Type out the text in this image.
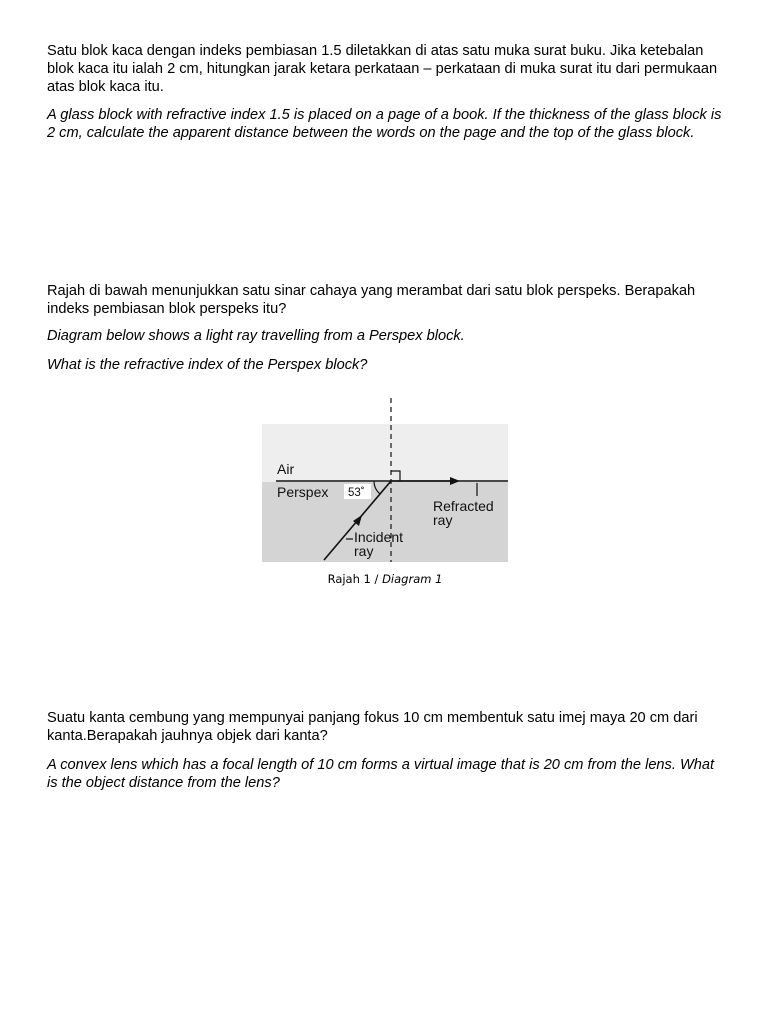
Satu blok kaca dengan indeks pembiasan 1.5 diletakkan di atas satu muka surat buku. Jika ketebalan blok kaca itu ialah 2 cm, hitungkan jarak ketara perkataan – perkataan di muka surat itu dari permukaan atas blok kaca itu.

A glass block with refractive index 1.5 is placed on a page of a book. If the thickness of the glass block is 2 cm, calculate the apparent distance between the words on the page and the top of the glass block.

Rajah di bawah menunjukkan satu sinar cahaya yang merambat dari satu blok perspeks. Berapakah indeks pembiasan blok perspeks itu?

Diagram below shows a light ray travelling from a Perspex block.

What is the refractive index of the Perspex block?

Air
Perspex 53˚
Refracted
ray
Incident
ray
Rajah 1 / Diagram 1

Suatu kanta cembung yang mempunyai panjang fokus 10 cm membentuk satu imej maya 20 cm dari kanta.Berapakah jauhnya objek dari kanta?

A convex lens which has a focal length of 10 cm forms a virtual image that is 20 cm from the lens. What is the object distance from the lens?
